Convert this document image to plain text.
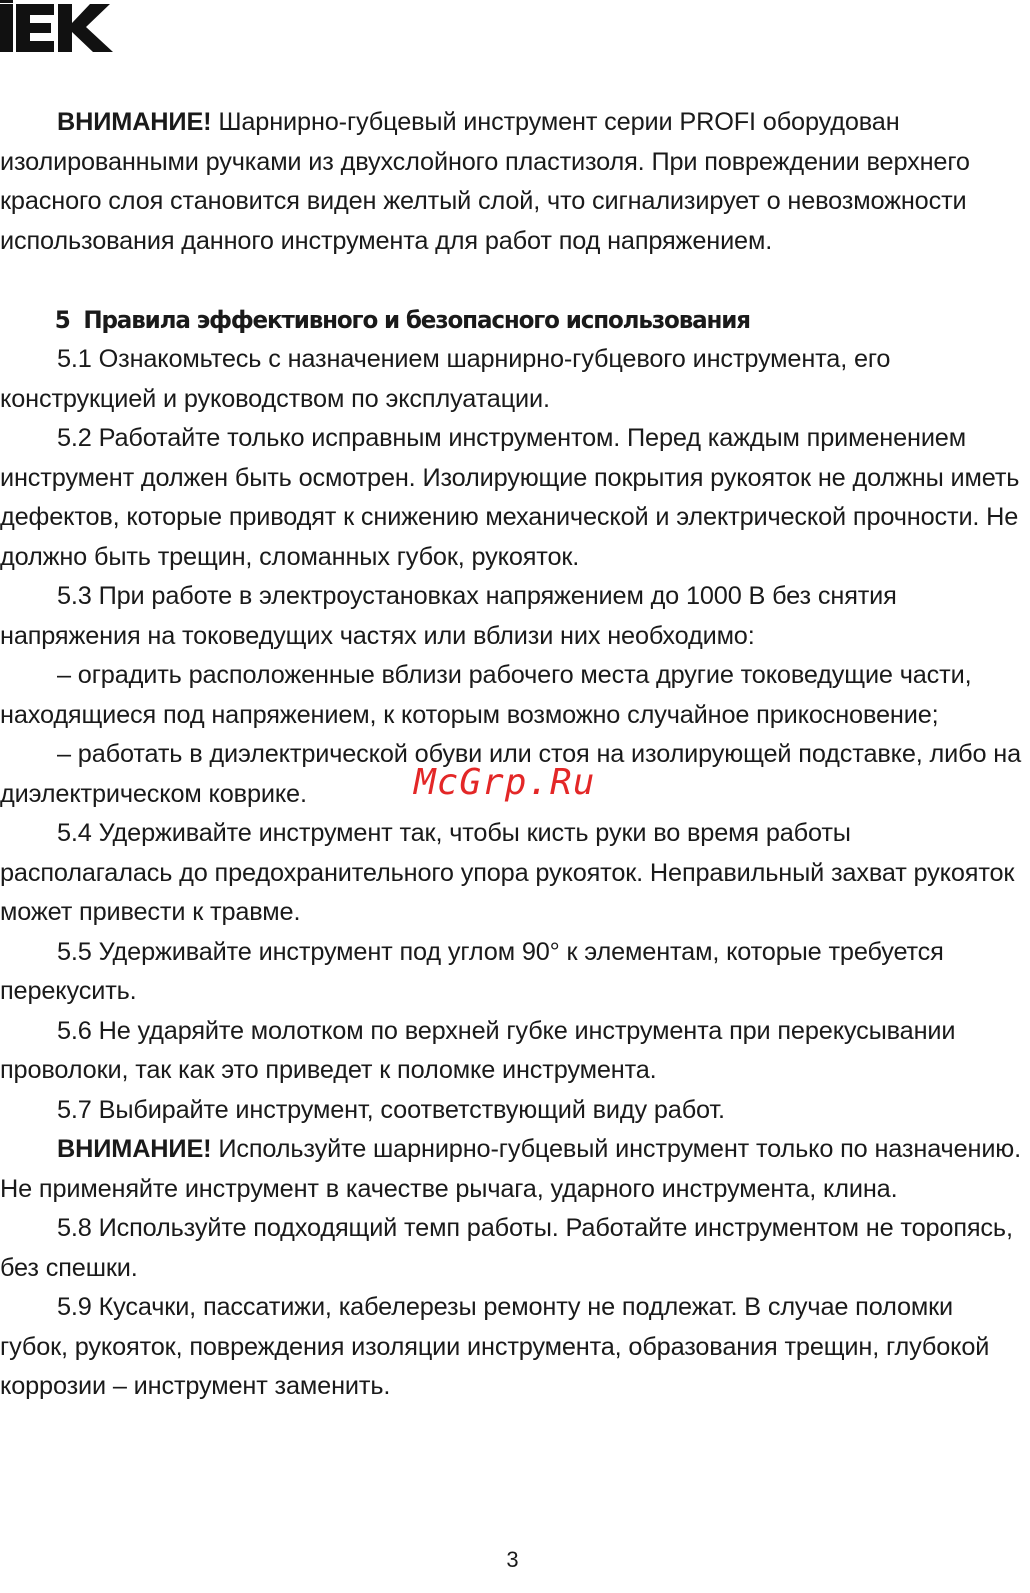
ВНИМАНИЕ! Шарнирно-губцевый инструмент серии PROFI оборудован изолированными ручками из двухслойного пластизоля. При повреждении верхнего красного слоя становится виден желтый слой, что сигнализирует о невозможности использования данного инструмента для работ под напряжением.

5 Правила эффективного и безопасного использования

5.1 Ознакомьтесь с назначением шарнирно-губцевого инструмента, его конструкцией и руководством по эксплуатации.

5.2 Работайте только исправным инструментом. Перед каждым применением инструмент должен быть осмотрен. Изолирующие покрытия рукояток не должны иметь дефектов, которые приводят к снижению механической и электрической прочности. Не должно быть трещин, сломанных губок, рукояток.

5.3 При работе в электроустановках напряжением до 1000 В без снятия напряжения на токоведущих частях или вблизи них необходимо:

– оградить расположенные вблизи рабочего места другие токоведущие части, находящиеся под напряжением, к которым возможно случайное прикосновение;

– работать в диэлектрической обуви или стоя на изолирующей подставке, либо на диэлектрическом коврике.

5.4 Удерживайте инструмент так, чтобы кисть руки во время работы располагалась до предохранительного упора рукояток. Неправильный захват рукояток может привести к травме.

5.5 Удерживайте инструмент под углом 90° к элементам, которые требуется перекусить.

5.6 Не ударяйте молотком по верхней губке инструмента при перекусывании проволоки, так как это приведет к поломке инструмента.

5.7 Выбирайте инструмент, соответствующий виду работ.

ВНИМАНИЕ! Используйте шарнирно-губцевый инструмент только по назначению. Не применяйте инструмент в качестве рычага, ударного инструмента, клина.

5.8 Используйте подходящий темп работы. Работайте инструментом не торопясь, без спешки.

5.9 Кусачки, пассатижи, кабелерезы ремонту не подлежат. В случае поломки губок, рукояток, повреждения изоляции инструмента, образования трещин, глубокой коррозии – инструмент заменить.

McGrp.Ru
3
